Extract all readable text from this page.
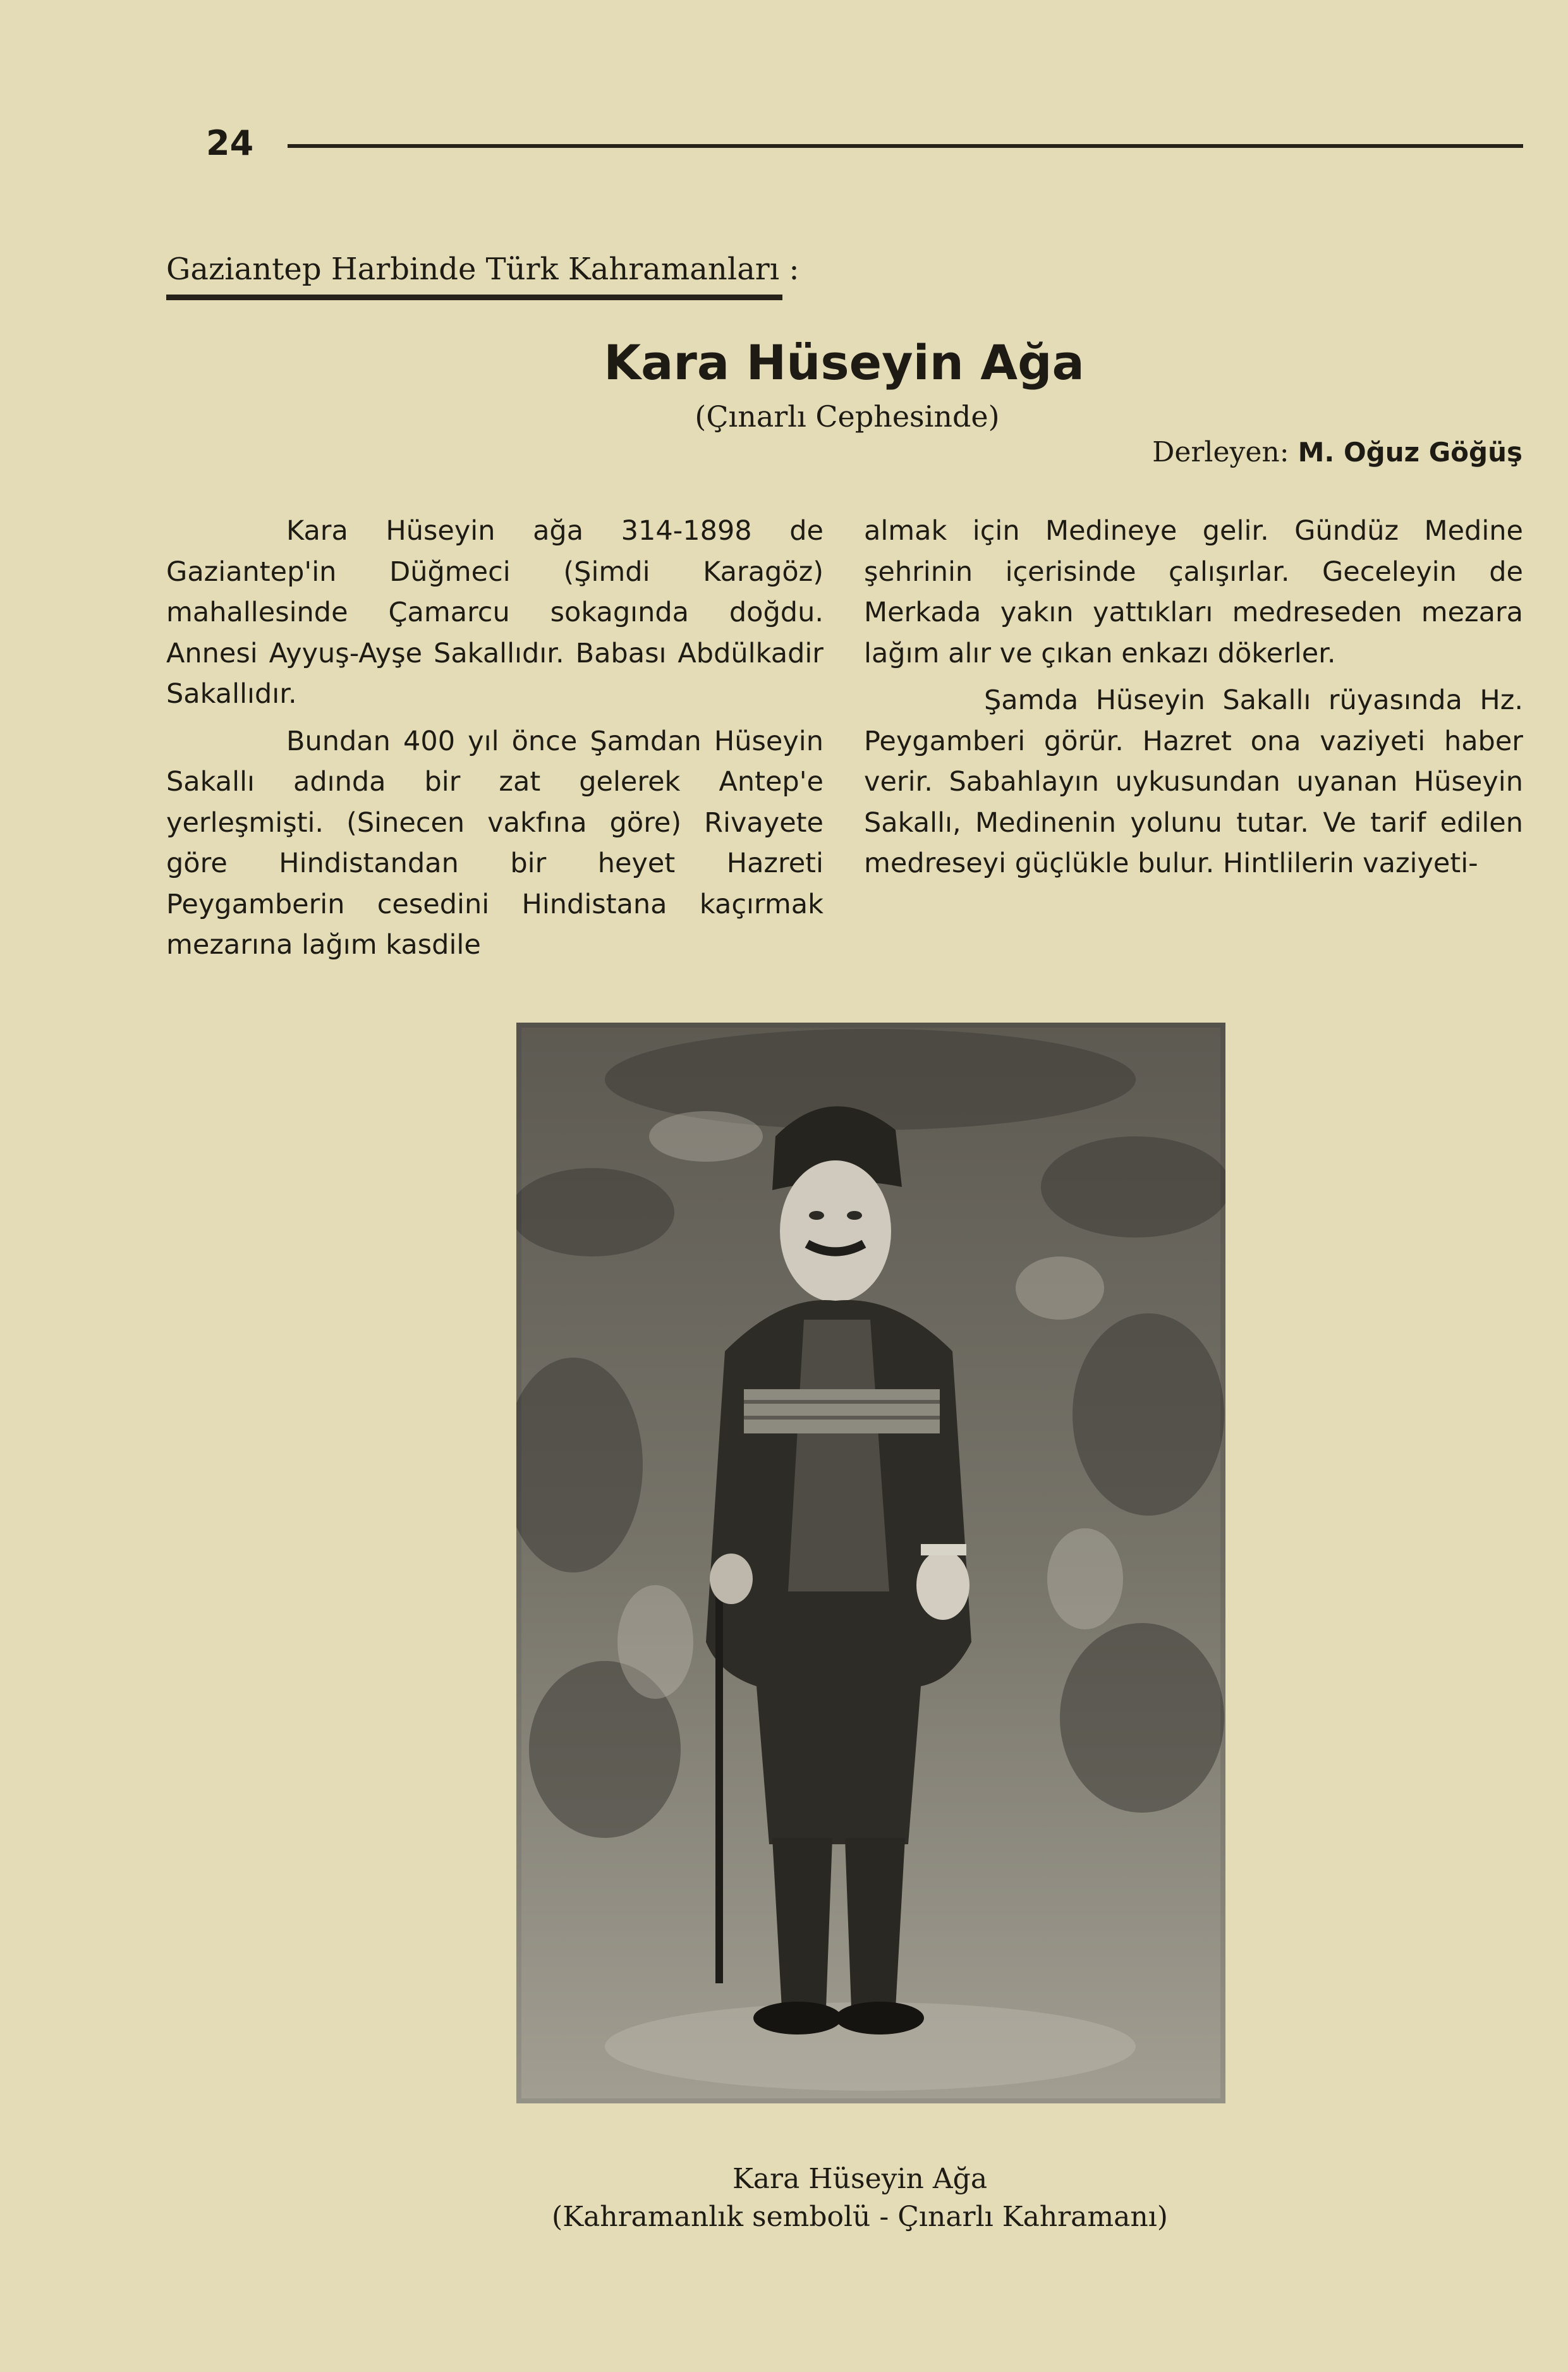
24
Gaziantep Harbinde Türk Kahramanları :
Kara Hüseyin Ağa
(Çınarlı Cephesinde)
Derleyen: M. Oğuz Göğüş

Kara Hüseyin ağa 314-1898 de Gaziantep'in Düğmeci (Şimdi Karagöz) mahallesinde Çamarcu sokagında doğdu. Annesi Ayyuş-Ayşe Sakallıdır. Babası Abdülkadir Sakallıdır.

Bundan 400 yıl önce Şamdan Hüseyin Sakallı adında bir zat gelerek Antep'e yerleşmişti. (Sinecen vakfına göre) Rivayete göre Hindistandan bir heyet Hazreti Peygamberin cesedini Hindistana kaçırmak mezarına lağım kasdile

almak için Medineye gelir. Gündüz Medine şehrinin içerisinde çalışırlar. Geceleyin de Merkada yakın yattıkları medreseden mezara lağım alır ve çıkan enkazı dökerler.

Şamda Hüseyin Sakallı rüyasında Hz. Peygamberi görür. Hazret ona vaziyeti haber verir. Sabahlayın uykusundan uyanan Hüseyin Sakallı, Medinenin yolunu tutar. Ve tarif edilen medreseyi güçlükle bulur. Hintlilerin vaziyeti-

Kara Hüseyin Ağa
(Kahramanlık sembolü - Çınarlı Kahramanı)
